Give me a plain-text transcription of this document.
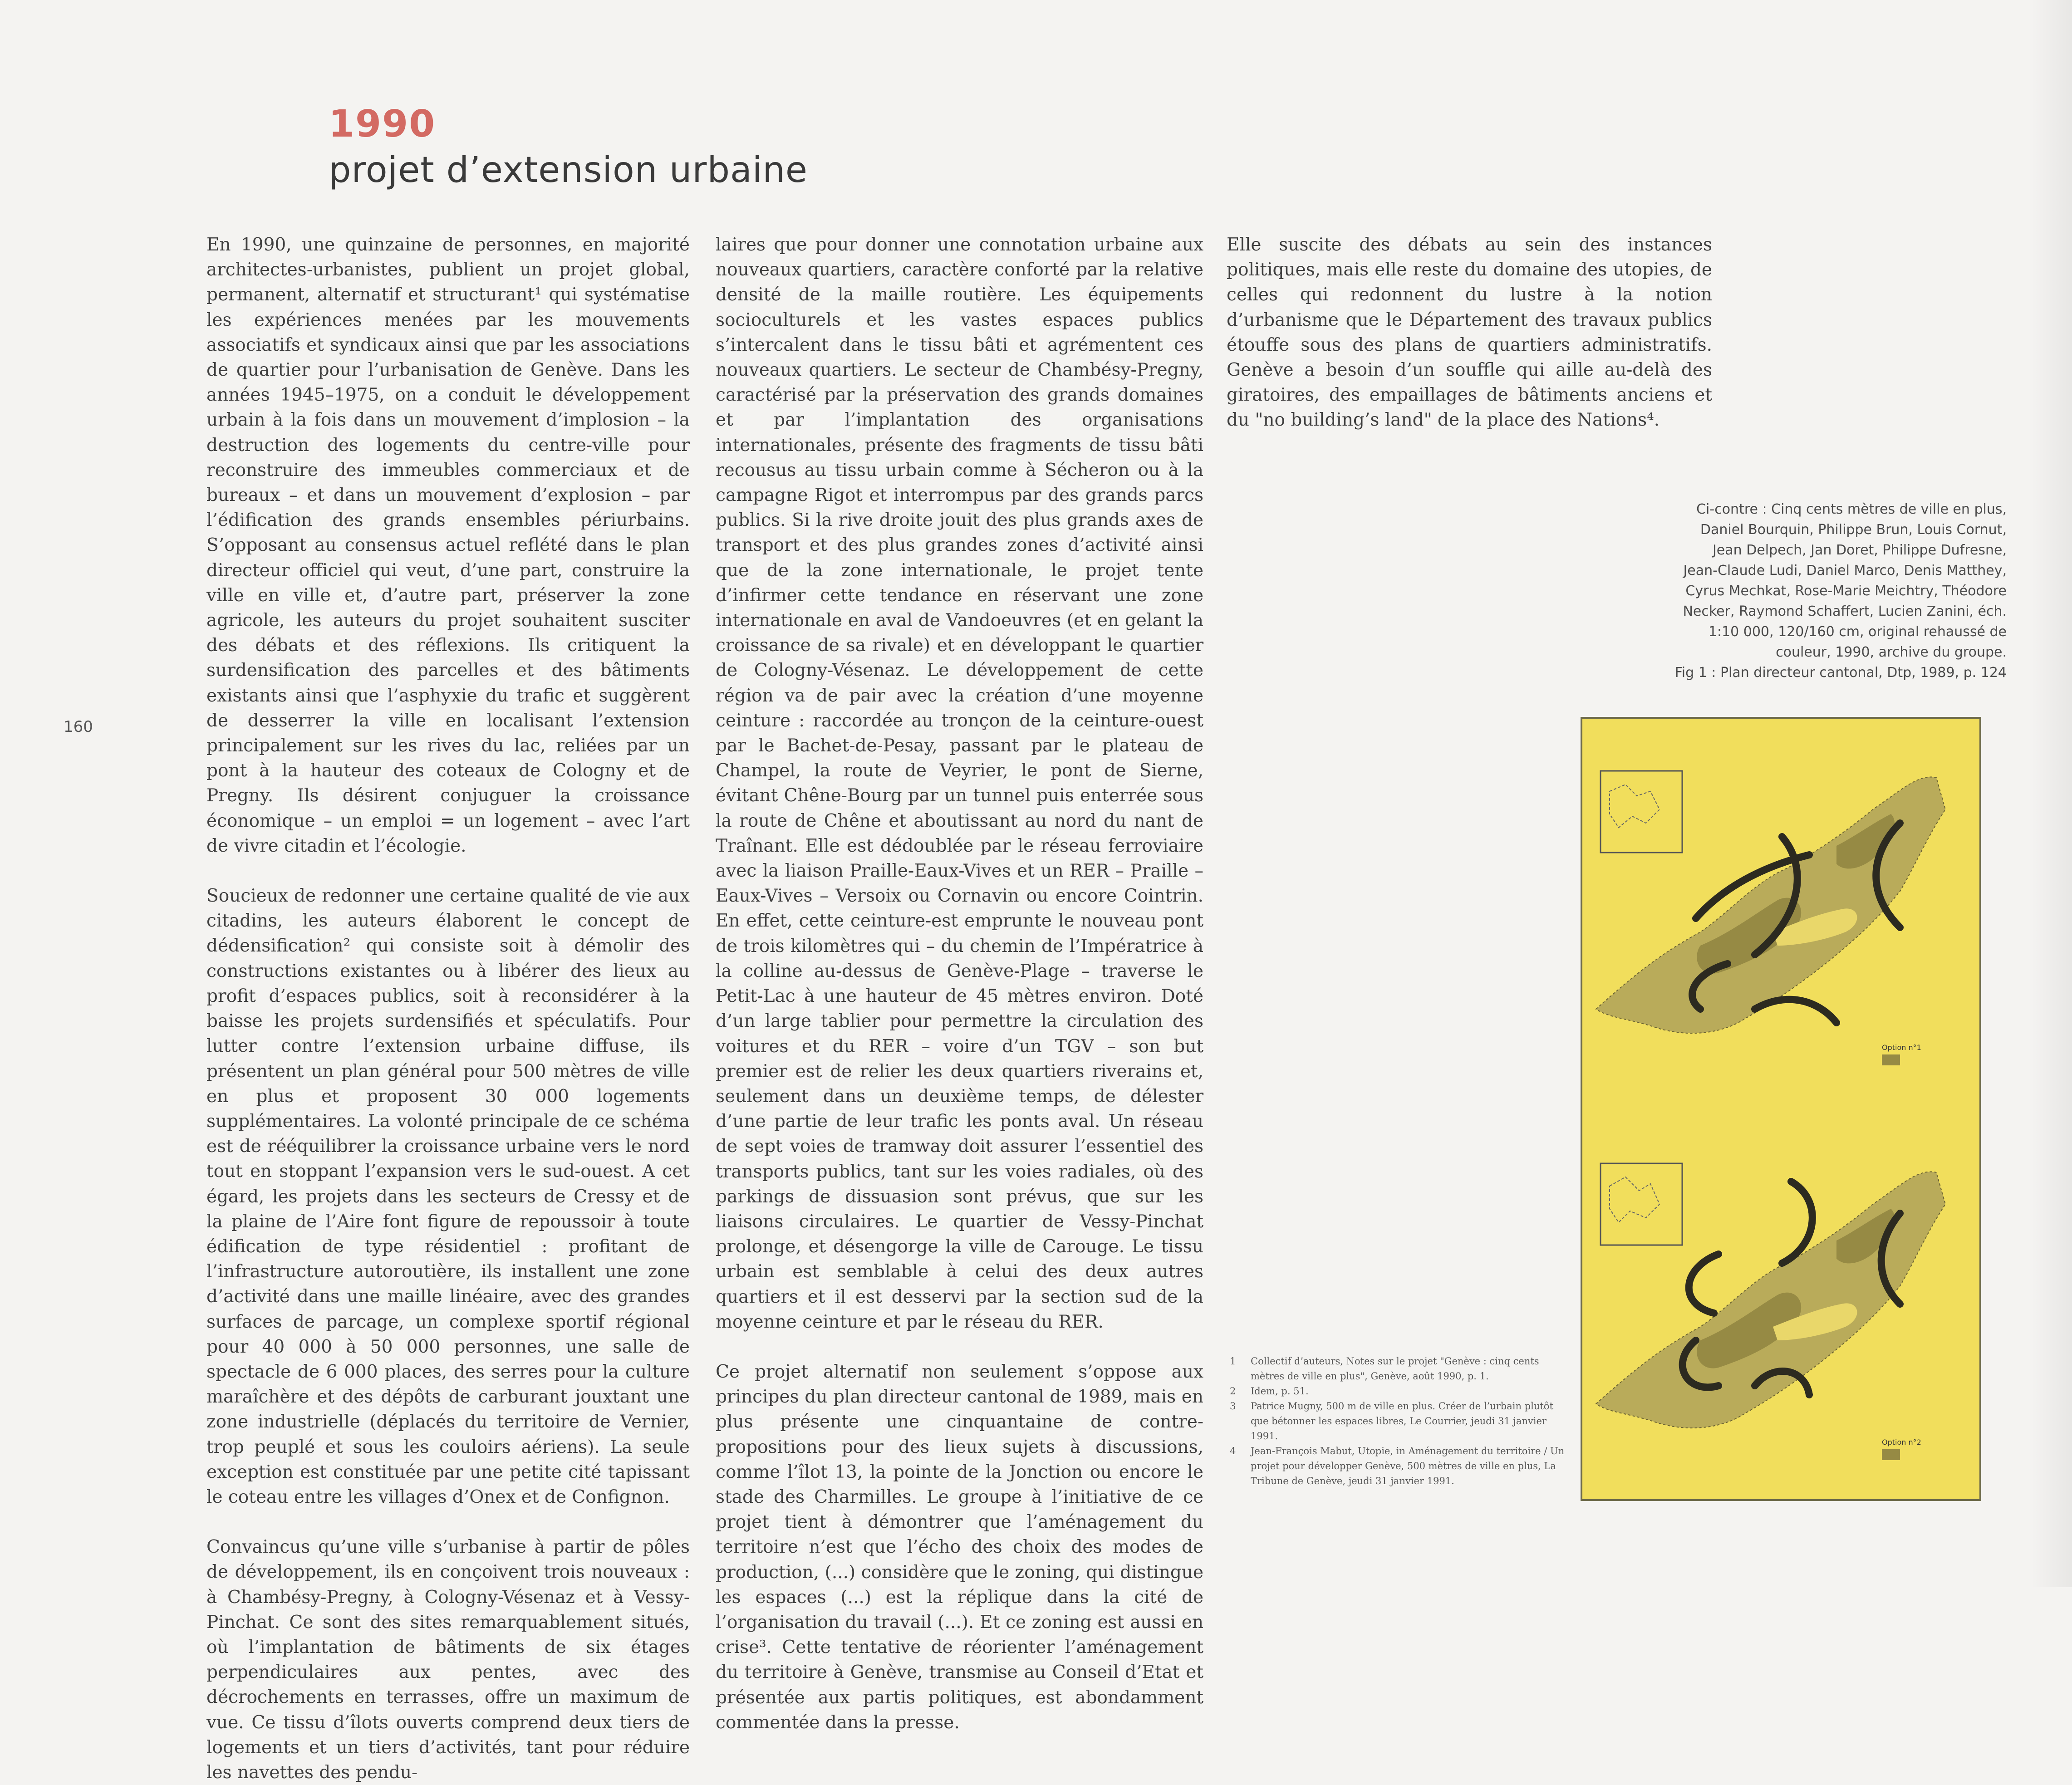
1990
projet d’extension urbaine
160

En 1990, une quinzaine de personnes, en majorité architectes-urbanistes, publient un projet global, permanent, alternatif et structurant¹ qui systématise les expériences menées par les mouvements associatifs et syndicaux ainsi que par les associations de quartier pour l’urbanisation de Genève. Dans les années 1945–1975, on a conduit le développement urbain à la fois dans un mouvement d’implosion – la destruction des logements du centre-ville pour reconstruire des immeubles commerciaux et de bureaux – et dans un mouvement d’explosion – par l’édification des grands ensembles périurbains. S’opposant au consensus actuel reflété dans le plan directeur officiel qui veut, d’une part, construire la ville en ville et, d’autre part, préserver la zone agricole, les auteurs du projet souhaitent susciter des débats et des réflexions. Ils critiquent la surdensification des parcelles et des bâtiments existants ainsi que l’asphyxie du trafic et suggèrent de desserrer la ville en localisant l’extension principalement sur les rives du lac, reliées par un pont à la hauteur des coteaux de Cologny et de Pregny. Ils désirent conjuguer la croissance économique – un emploi = un logement – avec l’art de vivre citadin et l’écologie.

Soucieux de redonner une certaine qualité de vie aux citadins, les auteurs élaborent le concept de dédensification² qui consiste soit à démolir des constructions existantes ou à libérer des lieux au profit d’espaces publics, soit à reconsidérer à la baisse les projets surdensifiés et spéculatifs. Pour lutter contre l’extension urbaine diffuse, ils présentent un plan général pour 500 mètres de ville en plus et proposent 30 000 logements supplémentaires. La volonté principale de ce schéma est de rééquilibrer la croissance urbaine vers le nord tout en stoppant l’expansion vers le sud-ouest. A cet égard, les projets dans les secteurs de Cressy et de la plaine de l’Aire font figure de repoussoir à toute édification de type résidentiel : profitant de l’infrastructure autoroutière, ils installent une zone d’activité dans une maille linéaire, avec des grandes surfaces de parcage, un complexe sportif régional pour 40 000 à 50 000 personnes, une salle de spectacle de 6 000 places, des serres pour la culture maraîchère et des dépôts de carburant jouxtant une zone industrielle (déplacés du territoire de Vernier, trop peuplé et sous les couloirs aériens). La seule exception est constituée par une petite cité tapissant le coteau entre les villages d’Onex et de Confignon.

Convaincus qu’une ville s’urbanise à partir de pôles de développement, ils en conçoivent trois nouveaux : à Chambésy-Pregny, à Cologny-Vésenaz et à Vessy-Pinchat. Ce sont des sites remarquablement situés, où l’implantation de bâtiments de six étages perpendiculaires aux pentes, avec des décrochements en terrasses, offre un maximum de vue. Ce tissu d’îlots ouverts comprend deux tiers de logements et un tiers d’activités, tant pour réduire les navettes des pendu-

laires que pour donner une connotation urbaine aux nouveaux quartiers, caractère conforté par la relative densité de la maille routière. Les équipements socioculturels et les vastes espaces publics s’intercalent dans le tissu bâti et agrémentent ces nouveaux quartiers. Le secteur de Chambésy-Pregny, caractérisé par la préservation des grands domaines et par l’implantation des organisations internationales, présente des fragments de tissu bâti recousus au tissu urbain comme à Sécheron ou à la campagne Rigot et interrompus par des grands parcs publics. Si la rive droite jouit des plus grands axes de transport et des plus grandes zones d’activité ainsi que de la zone internationale, le projet tente d’infirmer cette tendance en réservant une zone internationale en aval de Vandoeuvres (et en gelant la croissance de sa rivale) et en développant le quartier de Cologny-Vésenaz. Le développement de cette région va de pair avec la création d’une moyenne ceinture : raccordée au tronçon de la ceinture-ouest par le Bachet-de-Pesay, passant par le plateau de Champel, la route de Veyrier, le pont de Sierne, évitant Chêne-Bourg par un tunnel puis enterrée sous la route de Chêne et aboutissant au nord du nant de Traînant. Elle est dédoublée par le réseau ferroviaire avec la liaison Praille-Eaux-Vives et un RER – Praille – Eaux-Vives – Versoix ou Cornavin ou encore Cointrin. En effet, cette ceinture-est emprunte le nouveau pont de trois kilomètres qui – du chemin de l’Impératrice à la colline au-dessus de Genève-Plage – traverse le Petit-Lac à une hauteur de 45 mètres environ. Doté d’un large tablier pour permettre la circulation des voitures et du RER – voire d’un TGV – son but premier est de relier les deux quartiers riverains et, seulement dans un deuxième temps, de délester d’une partie de leur trafic les ponts aval. Un réseau de sept voies de tramway doit assurer l’essentiel des transports publics, tant sur les voies radiales, où des parkings de dissuasion sont prévus, que sur les liaisons circulaires. Le quartier de Vessy-Pinchat prolonge, et désengorge la ville de Carouge. Le tissu urbain est semblable à celui des deux autres quartiers et il est desservi par la section sud de la moyenne ceinture et par le réseau du RER.

Ce projet alternatif non seulement s’oppose aux principes du plan directeur cantonal de 1989, mais en plus présente une cinquantaine de contre-propositions pour des lieux sujets à discussions, comme l’îlot 13, la pointe de la Jonction ou encore le stade des Charmilles. Le groupe à l’initiative de ce projet tient à démontrer que l’aménagement du territoire n’est que l’écho des choix des modes de production, (...) considère que le zoning, qui distingue les espaces (...) est la réplique dans la cité de l’organisation du travail (...). Et ce zoning est aussi en crise³. Cette tentative de réorienter l’aménagement du territoire à Genève, transmise au Conseil d’Etat et présentée aux partis politiques, est abondamment commentée dans la presse.

Elle suscite des débats au sein des instances politiques, mais elle reste du domaine des utopies, de celles qui redonnent du lustre à la notion d’urbanisme que le Département des travaux publics étouffe sous des plans de quartiers administratifs. Genève a besoin d’un souffle qui aille au-delà des giratoires, des empaillages de bâtiments anciens et du "no building’s land" de la place des Nations⁴.

Ci-contre : Cinq cents mètres de ville en plus,
Daniel Bourquin, Philippe Brun, Louis Cornut,
Jean Delpech, Jan Doret, Philippe Dufresne,
Jean-Claude Ludi, Daniel Marco, Denis Matthey,
Cyrus Mechkat, Rose-Marie Meichtry, Théodore
Necker, Raymond Schaffert, Lucien Zanini, éch.
1:10 000, 120/160 cm, original rehaussé de
couleur, 1990, archive du groupe.
Fig 1 : Plan directeur cantonal, Dtp, 1989, p. 124
Option n°1
Option n°2
1	Collectif d’auteurs, Notes sur le projet "Genève : cinq cents mètres de ville en plus", Genève, août 1990, p. 1.
2	Idem, p. 51.
3	Patrice Mugny, 500 m de ville en plus. Créer de l’urbain plutôt que bétonner les espaces libres, Le Courrier, jeudi 31 janvier 1991.
4	Jean-François Mabut, Utopie, in Aménagement du territoire / Un projet pour développer Genève, 500 mètres de ville en plus, La Tribune de Genève, jeudi 31 janvier 1991.
